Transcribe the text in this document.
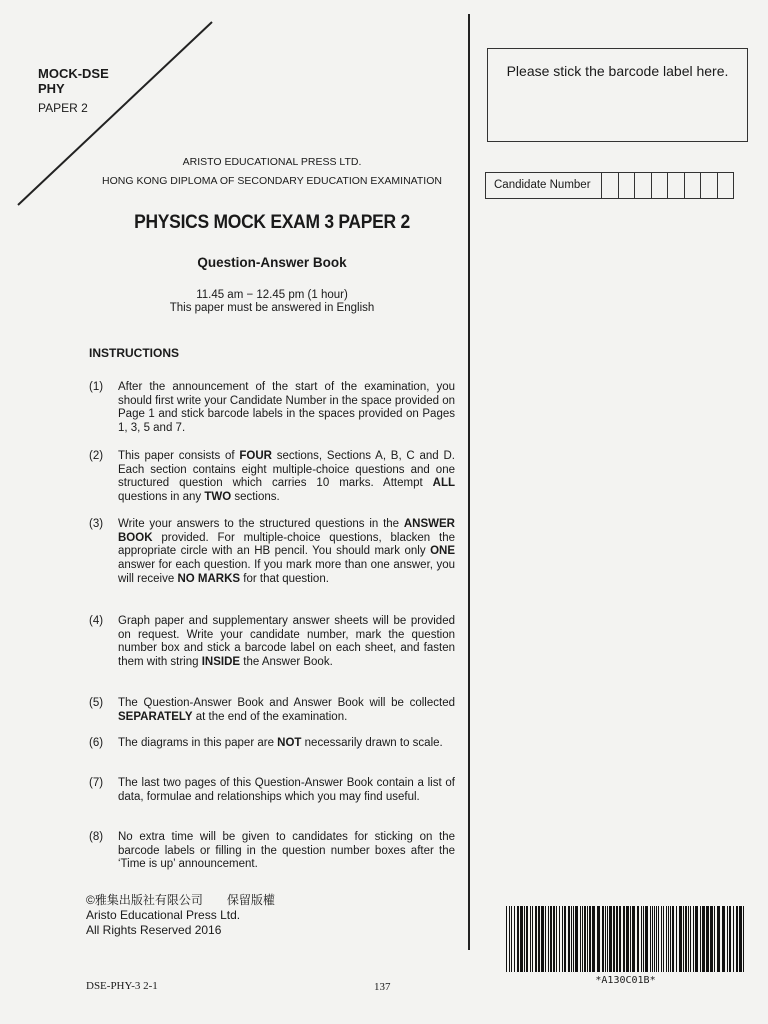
MOCK-DSE
PHY
PAPER 2
ARISTO EDUCATIONAL PRESS LTD.
HONG KONG DIPLOMA OF SECONDARY EDUCATION EXAMINATION
PHYSICS MOCK EXAM 3 PAPER 2
Question-Answer Book
11.45 am − 12.45 pm (1 hour)
This paper must be answered in English
INSTRUCTIONS
(1)	After the announcement of the start of the examination, you should first write your Candidate Number in the space provided on Page 1 and stick barcode labels in the spaces provided on Pages 1, 3, 5 and 7.
(2)	This paper consists of FOUR sections, Sections A, B, C and D. Each section contains eight multiple-choice questions and one structured question which carries 10 marks. Attempt ALL questions in any TWO sections.
(3)	Write your answers to the structured questions in the ANSWER BOOK provided. For multiple-choice questions, blacken the appropriate circle with an HB pencil. You should mark only ONE answer for each question. If you mark more than one answer, you will receive NO MARKS for that question.
(4)	Graph paper and supplementary answer sheets will be provided on request. Write your candidate number, mark the question number box and stick a barcode label on each sheet, and fasten them with string INSIDE the Answer Book.
(5)	The Question-Answer Book and Answer Book will be collected SEPARATELY at the end of the examination.
(6)	The diagrams in this paper are NOT necessarily drawn to scale.
(7)	The last two pages of this Question-Answer Book contain a list of data, formulae and relationships which you may find useful.
(8)	No extra time will be given to candidates for sticking on the barcode labels or filling in the question number boxes after the ‘Time is up’ announcement.
Please stick the barcode label here.
Candidate Number
©雅集出版社有限公司　　保留版權
Aristo Educational Press Ltd.
All Rights Reserved 2016
*A130C01B*
DSE-PHY-3 2-1	137
